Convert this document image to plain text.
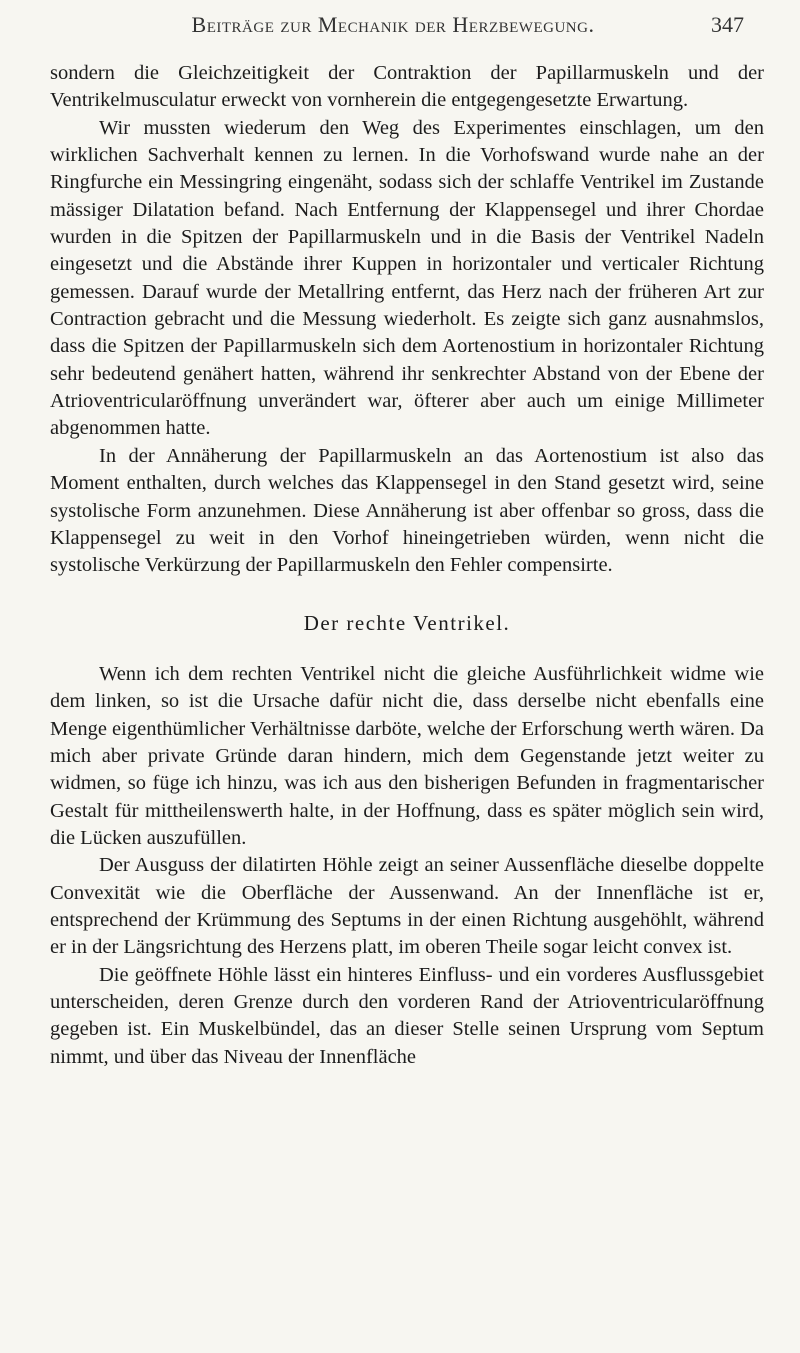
Beiträge zur Mechanik der Herzbewegung.	347

sondern die Gleichzeitigkeit der Contraktion der Papillarmuskeln und der Ventrikelmusculatur erweckt von vornherein die entgegengesetzte Erwartung.

Wir mussten wiederum den Weg des Experimentes einschlagen, um den wirklichen Sachverhalt kennen zu lernen. In die Vorhofswand wurde nahe an der Ringfurche ein Messingring eingenäht, sodass sich der schlaffe Ventrikel im Zustande mässiger Dilatation befand. Nach Entfernung der Klappensegel und ihrer Chordae wurden in die Spitzen der Papillarmuskeln und in die Basis der Ventrikel Nadeln eingesetzt und die Abstände ihrer Kuppen in horizontaler und verticaler Richtung gemessen. Darauf wurde der Metallring entfernt, das Herz nach der früheren Art zur Contraction gebracht und die Messung wiederholt. Es zeigte sich ganz ausnahmslos, dass die Spitzen der Papillarmuskeln sich dem Aortenostium in horizontaler Richtung sehr bedeutend genähert hatten, während ihr senkrechter Abstand von der Ebene der Atrioventricularöffnung unverändert war, öfterer aber auch um einige Millimeter abgenommen hatte.

In der Annäherung der Papillarmuskeln an das Aortenostium ist also das Moment enthalten, durch welches das Klappensegel in den Stand gesetzt wird, seine systolische Form anzunehmen. Diese Annäherung ist aber offenbar so gross, dass die Klappensegel zu weit in den Vorhof hineingetrieben würden, wenn nicht die systolische Verkürzung der Papillarmuskeln den Fehler compensirte.

Der rechte Ventrikel.

Wenn ich dem rechten Ventrikel nicht die gleiche Ausführlichkeit widme wie dem linken, so ist die Ursache dafür nicht die, dass derselbe nicht ebenfalls eine Menge eigenthümlicher Verhältnisse darböte, welche der Erforschung werth wären. Da mich aber private Gründe daran hindern, mich dem Gegenstande jetzt weiter zu widmen, so füge ich hinzu, was ich aus den bisherigen Befunden in fragmentarischer Gestalt für mittheilenswerth halte, in der Hoffnung, dass es später möglich sein wird, die Lücken auszufüllen.

Der Ausguss der dilatirten Höhle zeigt an seiner Aussenfläche dieselbe doppelte Convexität wie die Oberfläche der Aussenwand. An der Innenfläche ist er, entsprechend der Krümmung des Septums in der einen Richtung ausgehöhlt, während er in der Längsrichtung des Herzens platt, im oberen Theile sogar leicht convex ist.

Die geöffnete Höhle lässt ein hinteres Einfluss- und ein vorderes Ausflussgebiet unterscheiden, deren Grenze durch den vorderen Rand der Atrioventricularöffnung gegeben ist. Ein Muskelbündel, das an dieser Stelle seinen Ursprung vom Septum nimmt, und über das Niveau der Innenfläche
